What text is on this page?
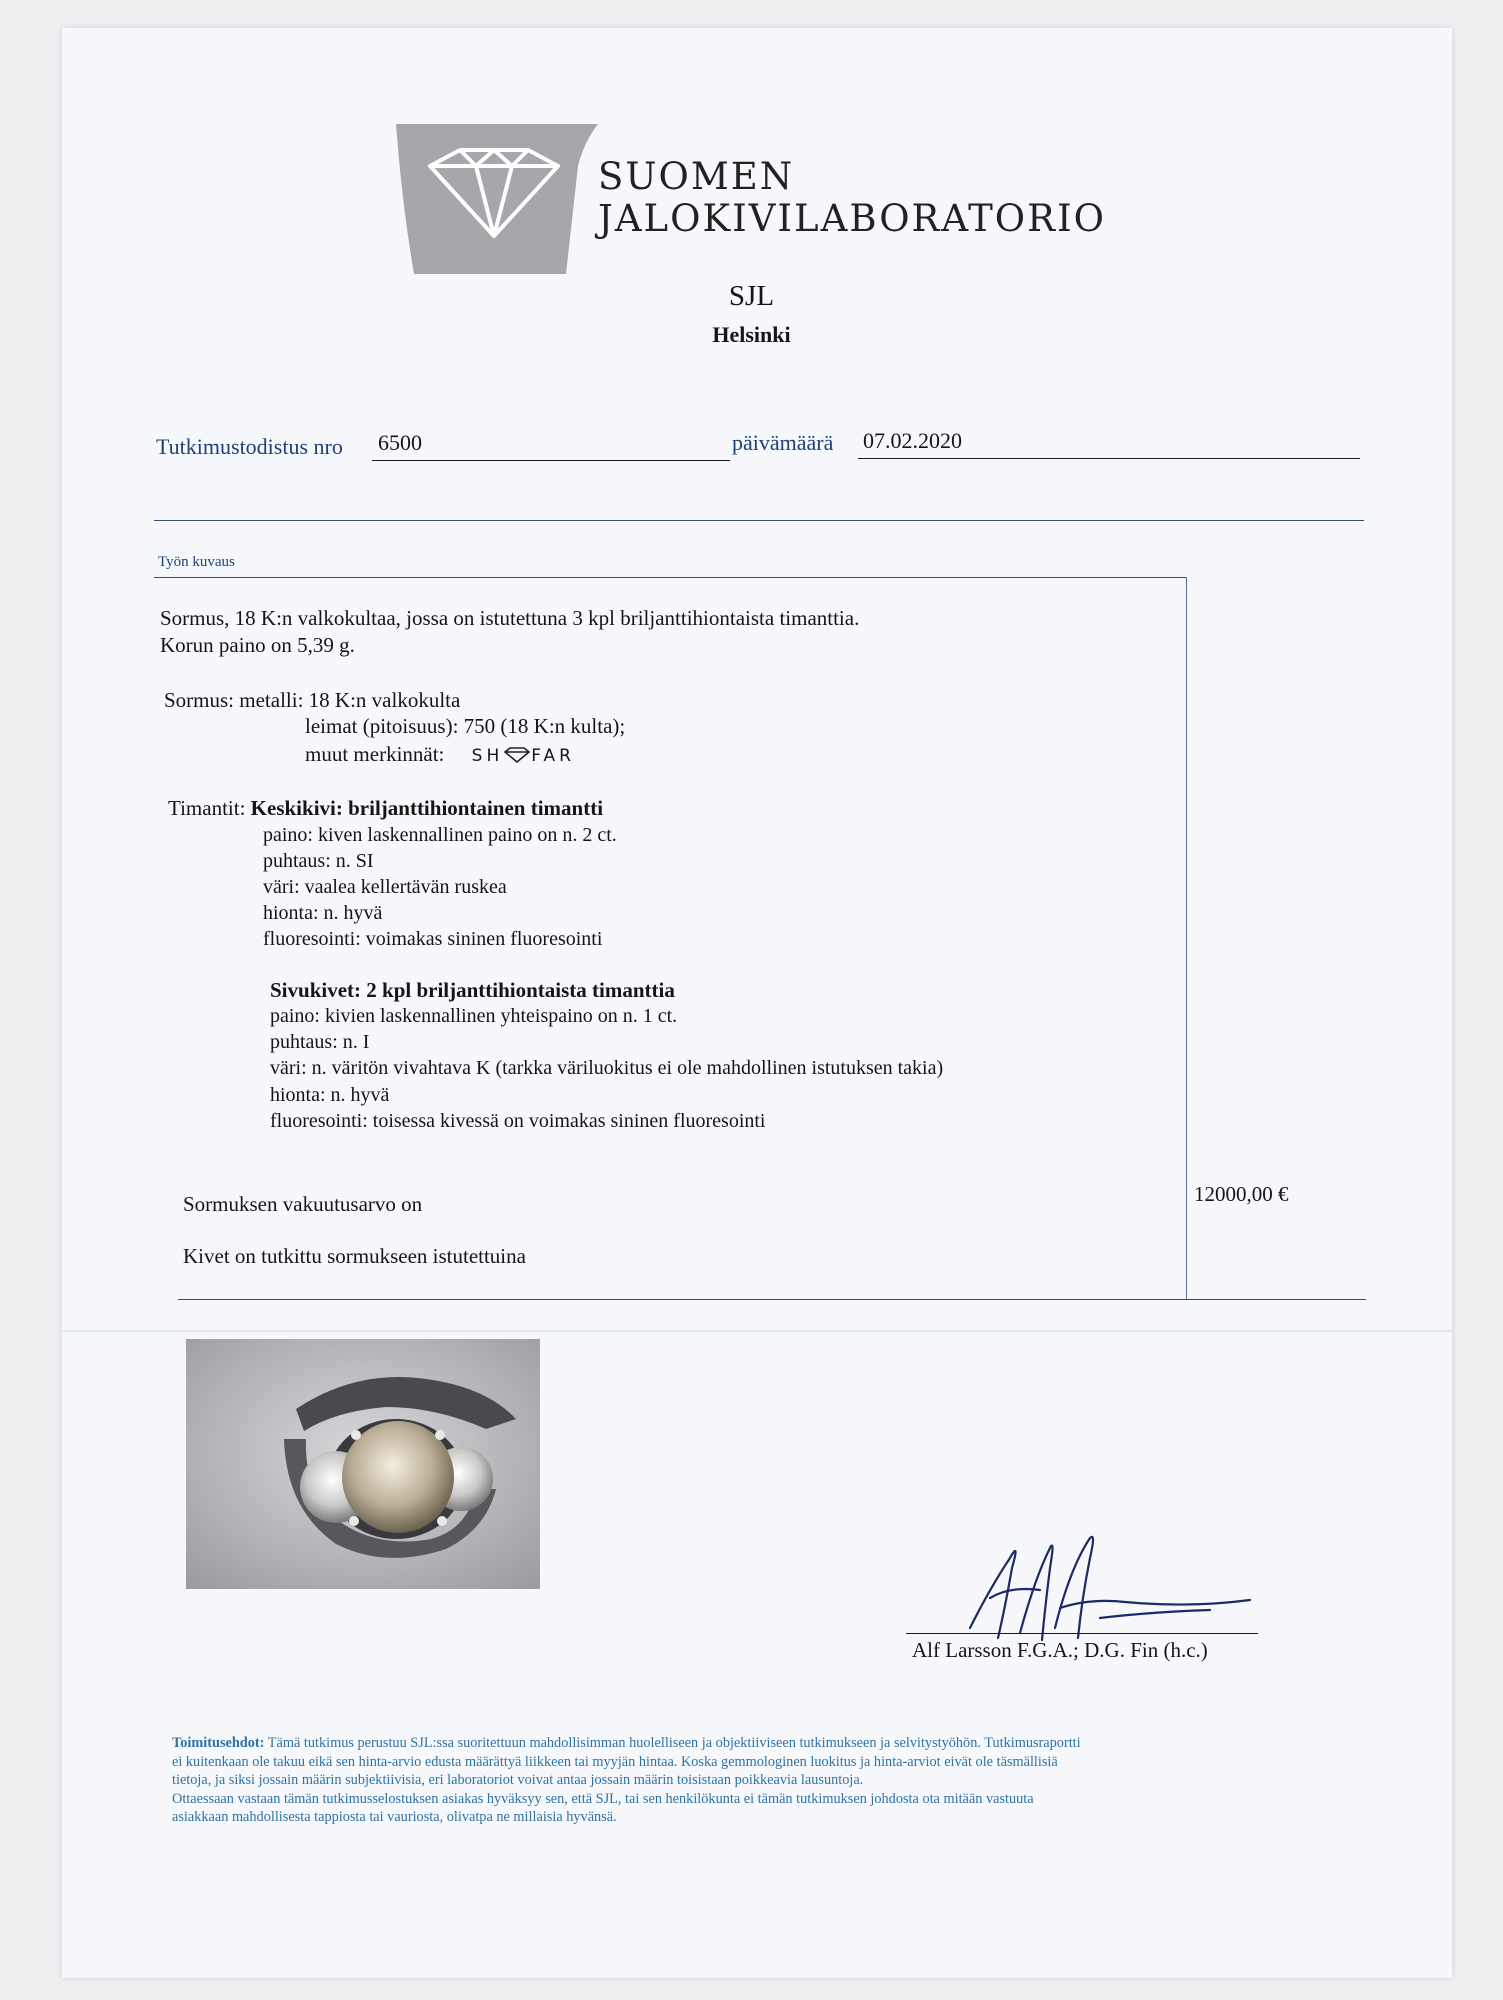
SUOMEN
JALOKIVILABORATORIO
SJL
Helsinki
Tutkimustodistus nro 6500	päivämäärä 07.02.2020
Työn kuvaus
Sormus, 18 K:n valkokultaa, jossa on istutettuna 3 kpl briljanttihiontaista timanttia.
Korun paino on 5,39 g.
Sormus: metalli: 18 K:n valkokulta
leimat (pitoisuus): 750 (18 K:n kulta);
muut merkinnät: SH FAR
Timantit: Keskikivi: briljanttihiontainen timantti
paino: kiven laskennallinen paino on n. 2 ct.
puhtaus: n. SI
väri: vaalea kellertävän ruskea
hionta: n. hyvä
fluoresointi: voimakas sininen fluoresointi
Sivukivet: 2 kpl briljanttihiontaista timanttia
paino: kivien laskennallinen yhteispaino on n. 1 ct.
puhtaus: n. I
väri: n. väritön vivahtava K (tarkka väriluokitus ei ole mahdollinen istutuksen takia)
hionta: n. hyvä
fluoresointi: toisessa kivessä on voimakas sininen fluoresointi
Sormuksen vakuutusarvo on	12000,00 €
Kivet on tutkittu sormukseen istutettuina
Alf Larsson F.G.A.; D.G. Fin (h.c.)
Toimitusehdot: Tämä tutkimus perustuu SJL:ssa suoritettuun mahdollisimman huolelliseen ja objektiiviseen tutkimukseen ja selvitystyöhön. Tutkimusraportti
ei kuitenkaan ole takuu eikä sen hinta-arvio edusta määrättyä liikkeen tai myyjän hintaa. Koska gemmologinen luokitus ja hinta-arviot eivät ole täsmällisiä
tietoja, ja siksi jossain määrin subjektiivisia, eri laboratoriot voivat antaa jossain määrin toisistaan poikkeavia lausuntoja.
Ottaessaan vastaan tämän tutkimusselostuksen asiakas hyväksyy sen, että SJL, tai sen henkilökunta ei tämän tutkimuksen johdosta ota mitään vastuuta
asiakkaan mahdollisesta tappiosta tai vauriosta, olivatpa ne millaisia hyvänsä.
